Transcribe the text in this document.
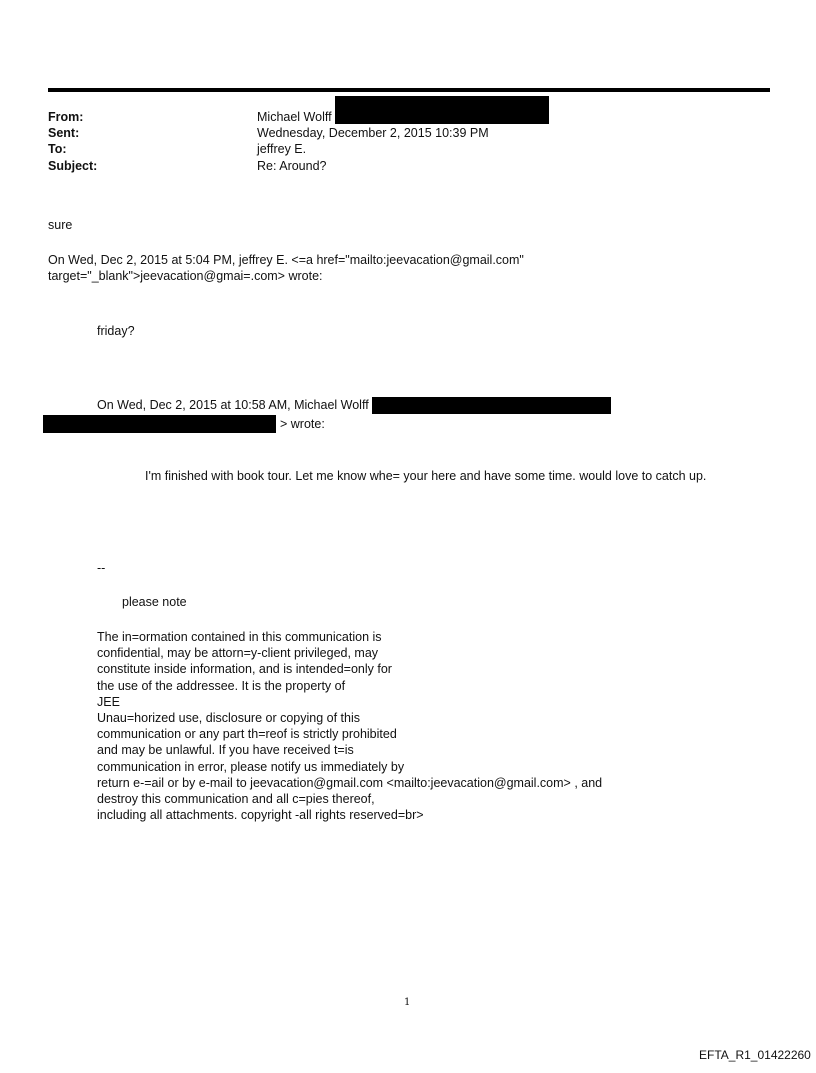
From:	Michael Wolff
Sent:	Wednesday, December 2, 2015 10:39 PM
To:	jeffrey E.
Subject:	Re: Around?
sure
On Wed, Dec 2, 2015 at 5:04 PM, jeffrey E. <=a href="mailto:jeevacation@gmail.com"
target="_blank">jeevacation@gmai=.com> wrote:
friday?
On Wed, Dec 2, 2015 at 10:58 AM, Michael Wolff
> wrote:
I'm finished with book tour. Let me know whe= your here and have some time. would love to catch up.
--
please note
The in=ormation contained in this communication is
confidential, may be attorn=y-client privileged, may
constitute inside information, and is intended=only for
the use of the addressee. It is the property of
JEE
Unau=horized use, disclosure or copying of this
communication or any part th=reof is strictly prohibited
and may be unlawful. If you have received t=is
communication in error, please notify us immediately by
return e-=ail or by e-mail to jeevacation@gmail.com <mailto:jeevacation@gmail.com> , and
destroy this communication and all c=pies thereof,
including all attachments. copyright -all rights reserved=br>
1
EFTA_R1_01422260
